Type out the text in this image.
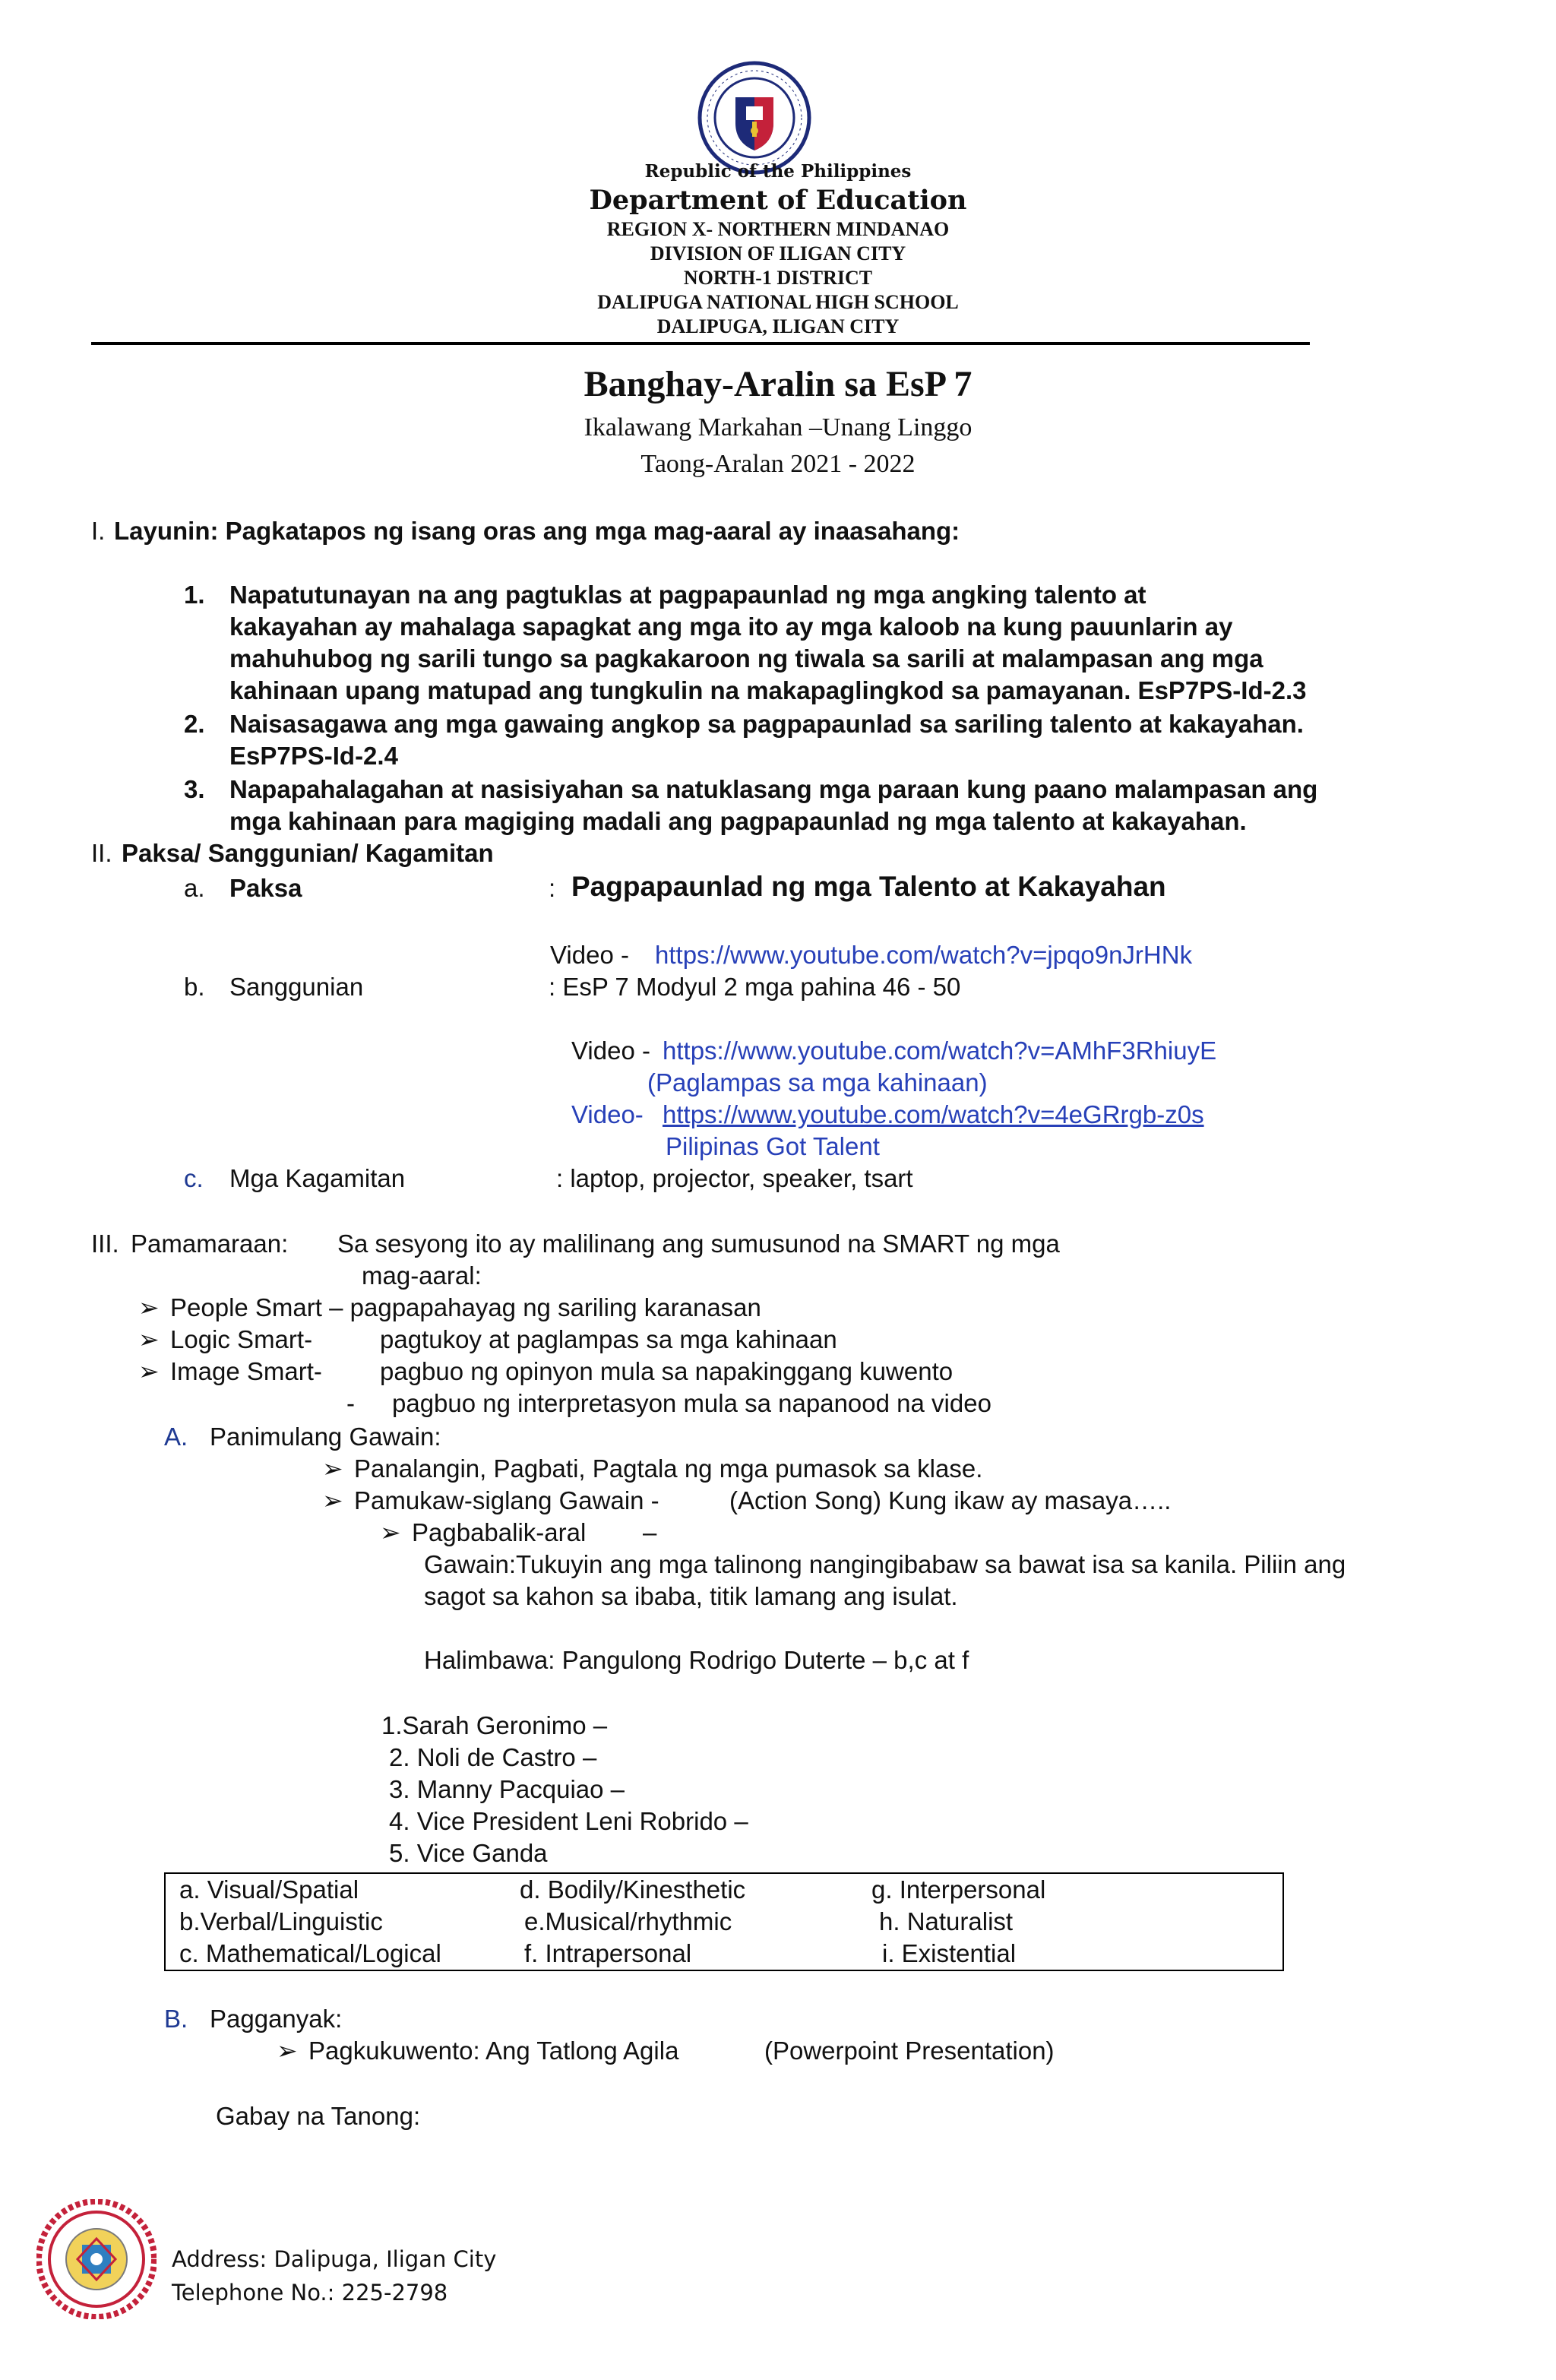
Republic of the Philippines
Department of Education
REGION X- NORTHERN MINDANAO
DIVISION OF ILIGAN CITY
NORTH-1 DISTRICT
DALIPUGA NATIONAL HIGH SCHOOL
DALIPUGA, ILIGAN CITY
Banghay-Aralin sa EsP 7
Ikalawang Markahan –Unang Linggo
Taong-Aralan 2021 - 2022
I. Layunin: Pagkatapos ng isang oras ang mga mag-aaral ay inaasahang:
1. Napatutunayan na ang pagtuklas at pagpapaunlad ng mga angking talento at
kakayahan ay mahalaga sapagkat ang mga ito ay mga kaloob na kung pauunlarin ay
mahuhubog ng sarili tungo sa pagkakaroon ng tiwala sa sarili at malampasan ang mga
kahinaan upang matupad ang tungkulin na makapaglingkod sa pamayanan. EsP7PS-Id-2.3
2. Naisasagawa ang mga gawaing angkop sa pagpapaunlad sa sariling talento at kakayahan.
EsP7PS-Id-2.4
3. Napapahalagahan at nasisiyahan sa natuklasang mga paraan kung paano malampasan ang
mga kahinaan para magiging madali ang pagpapaunlad ng mga talento at kakayahan.
II. Paksa/ Sanggunian/ Kagamitan
a. Paksa	: Pagpapaunlad ng mga Talento at Kakayahan
Video - https://www.youtube.com/watch?v=jpqo9nJrHNk
b. Sanggunian	: EsP 7 Modyul 2 mga pahina 46 - 50
Video - https://www.youtube.com/watch?v=AMhF3RhiuyE
(Paglampas sa mga kahinaan)
Video- https://www.youtube.com/watch?v=4eGRrgb-z0s
Pilipinas Got Talent
c. Mga Kagamitan	: laptop, projector, speaker, tsart
III. Pamamaraan: Sa sesyong ito ay malilinang ang sumusunod na SMART ng mga
mag-aaral:
➢ People Smart – pagpapahayag ng sariling karanasan
➢ Logic Smart-	pagtukoy at paglampas sa mga kahinaan
➢ Image Smart- pagbuo ng opinyon mula sa napakinggang kuwento
- pagbuo ng interpretasyon mula sa napanood na video
A. Panimulang Gawain:
➢ Panalangin, Pagbati, Pagtala ng mga pumasok sa klase.
➢ Pamukaw-siglang Gawain -	(Action Song) Kung ikaw ay masaya…..
➢ Pagbabalik-aral –
Gawain:Tukuyin ang mga talinong nangingibabaw sa bawat isa sa kanila. Piliin ang
sagot sa kahon sa ibaba, titik lamang ang isulat.
Halimbawa: Pangulong Rodrigo Duterte – b,c at f
1.Sarah Geronimo –
2. Noli de Castro –
3. Manny Pacquiao –
4. Vice President Leni Robrido –
5. Vice Ganda
a. Visual/Spatial	d. Bodily/Kinesthetic	g. Interpersonal
b.Verbal/Linguistic	e.Musical/rhythmic	h. Naturalist
c. Mathematical/Logical	f. Intrapersonal	i. Existential
B. Pagganyak:
➢ Pagkukuwento: Ang Tatlong Agila	(Powerpoint Presentation)
Gabay na Tanong:
Address: Dalipuga, Iligan City
Telephone No.: 225-2798
